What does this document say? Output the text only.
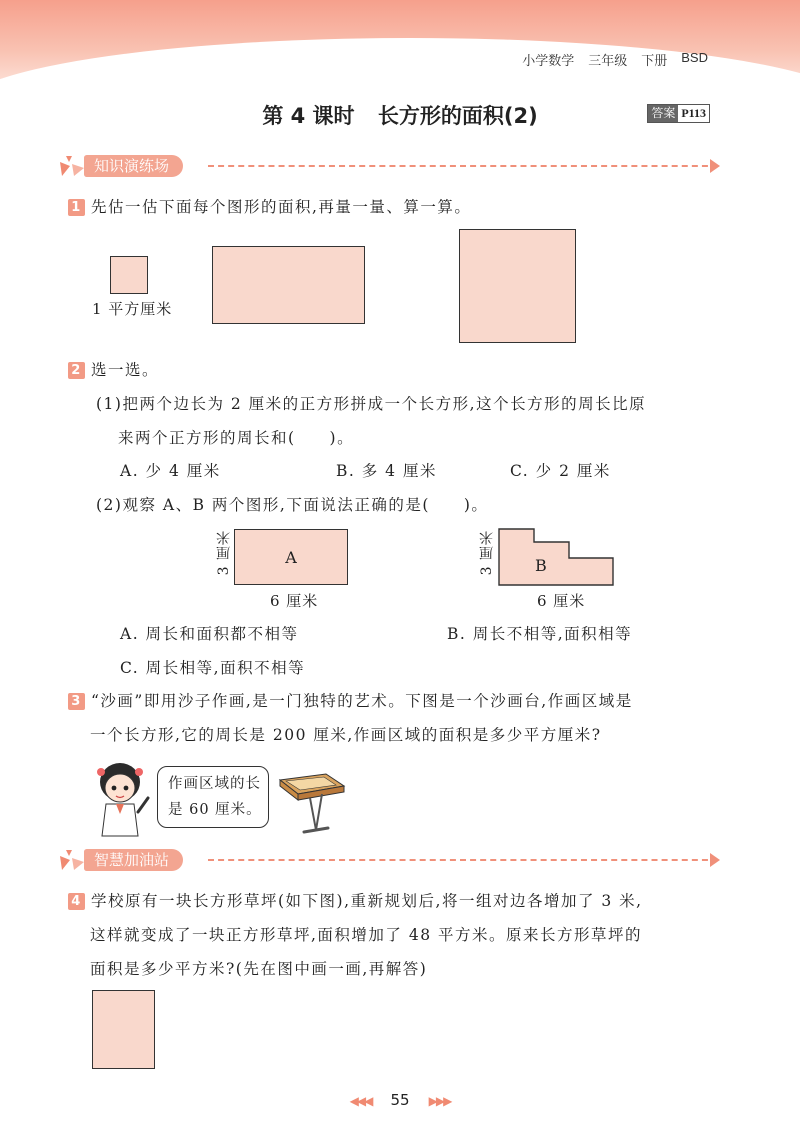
小学数学 三年级 下册 BSD
第 4 课时 长方形的面积(2)	答案 P113
知识演练场
1 先估一估下面每个图形的面积,再量一量、算一算。
1 平方厘米
2 选一选。
(1)把两个边长为 2 厘米的正方形拼成一个长方形,这个长方形的周长比原
来两个正方形的周长和(　　)。
A. 少 4 厘米	B. 多 4 厘米	C. 少 2 厘米
(2)观察 A、B 两个图形,下面说法正确的是(　　)。
A
3 厘米
6 厘米
B
3 厘米
6 厘米
A. 周长和面积都不相等	B. 周长不相等,面积相等
C. 周长相等,面积不相等
3 “沙画”即用沙子作画,是一门独特的艺术。下图是一个沙画台,作画区域是
一个长方形,它的周长是 200 厘米,作画区域的面积是多少平方厘米?
作画区域的长
是 60 厘米。
智慧加油站
4 学校原有一块长方形草坪(如下图),重新规划后,将一组对边各增加了 3 米,
这样就变成了一块正方形草坪,面积增加了 48 平方米。原来长方形草坪的
面积是多少平方米?(先在图中画一画,再解答)
◀◀◀ 55 ▶▶▶
